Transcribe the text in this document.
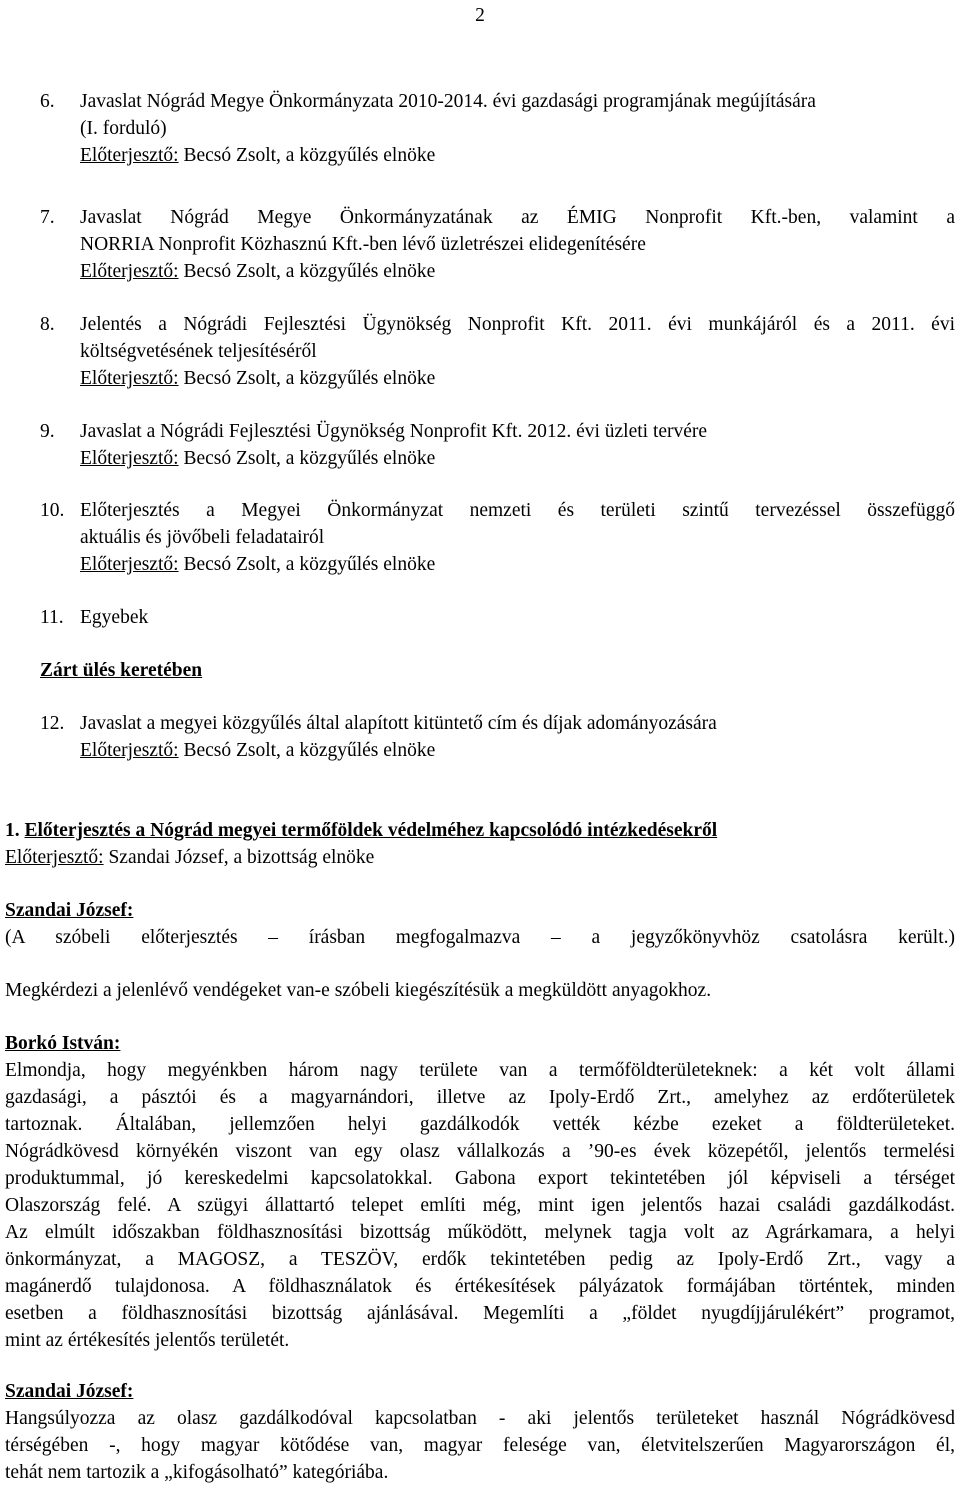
2
6. Javaslat Nógrád Megye Önkormányzata 2010-2014. évi gazdasági programjának megújítására
(I. forduló)
Előterjesztő: Becsó Zsolt, a közgyűlés elnöke
7. Javaslat Nógrád Megye Önkormányzatának az ÉMIG Nonprofit Kft.-ben, valamint a
NORRIA Nonprofit Közhasznú Kft.-ben lévő üzletrészei elidegenítésére
Előterjesztő: Becsó Zsolt, a közgyűlés elnöke
8. Jelentés a Nógrádi Fejlesztési Ügynökség Nonprofit Kft. 2011. évi munkájáról és a 2011. évi
költségvetésének teljesítéséről
Előterjesztő: Becsó Zsolt, a közgyűlés elnöke
9. Javaslat a Nógrádi Fejlesztési Ügynökség Nonprofit Kft. 2012. évi üzleti tervére
Előterjesztő: Becsó Zsolt, a közgyűlés elnöke
10. Előterjesztés a Megyei Önkormányzat nemzeti és területi szintű tervezéssel összefüggő
aktuális és jövőbeli feladatairól
Előterjesztő: Becsó Zsolt, a közgyűlés elnöke
11. Egyebek
Zárt ülés keretében
12. Javaslat a megyei közgyűlés által alapított kitüntető cím és díjak adományozására
Előterjesztő: Becsó Zsolt, a közgyűlés elnöke
1. Előterjesztés a Nógrád megyei termőföldek védelméhez kapcsolódó intézkedésekről
Előterjesztő: Szandai József, a bizottság elnöke
Szandai József:
(A szóbeli előterjesztés – írásban megfogalmazva – a jegyzőkönyvhöz csatolásra került.)
Megkérdezi a jelenlévő vendégeket van-e szóbeli kiegészítésük a megküldött anyagokhoz.
Borkó István:
Elmondja, hogy megyénkben három nagy területe van a termőföldterületeknek: a két volt állami
gazdasági, a pásztói és a magyarnándori, illetve az Ipoly-Erdő Zrt., amelyhez az erdőterületek
tartoznak. Általában, jellemzően helyi gazdálkodók vették kézbe ezeket a földterületeket.
Nógrádkövesd környékén viszont van egy olasz vállalkozás a ’90-es évek közepétől, jelentős termelési
produktummal, jó kereskedelmi kapcsolatokkal. Gabona export tekintetében jól képviseli a térséget
Olaszország felé. A szügyi állattartó telepet említi még, mint igen jelentős hazai családi gazdálkodást.
Az elmúlt időszakban földhasznosítási bizottság működött, melynek tagja volt az Agrárkamara, a helyi
önkormányzat, a MAGOSZ, a TESZÖV, erdők tekintetében pedig az Ipoly-Erdő Zrt., vagy a
magánerdő tulajdonosa. A földhasználatok és értékesítések pályázatok formájában történtek, minden
esetben a földhasznosítási bizottság ajánlásával. Megemlíti a „földet nyugdíjjárulékért” programot,
mint az értékesítés jelentős területét.
Szandai József:
Hangsúlyozza az olasz gazdálkodóval kapcsolatban - aki jelentős területeket használ Nógrádkövesd
térségében -, hogy magyar kötődése van, magyar felesége van, életvitelszerűen Magyarországon él,
tehát nem tartozik a „kifogásolható” kategóriába.
